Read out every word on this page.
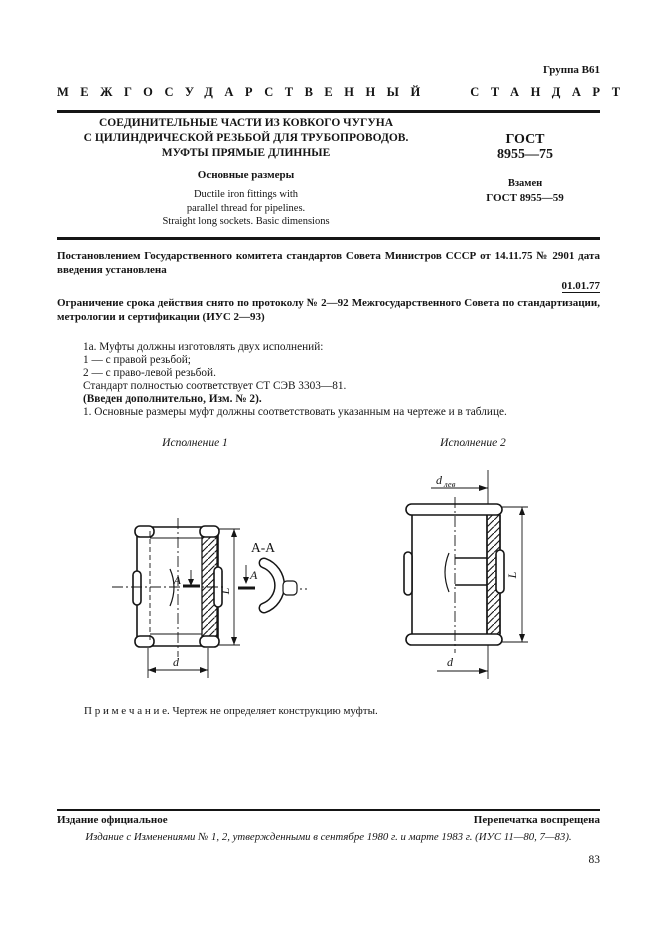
Группа В61
МЕЖГОСУДАРСТВЕННЫЙ СТАНДАРТ
СОЕДИНИТЕЛЬНЫЕ ЧАСТИ ИЗ КОВКОГО ЧУГУНА
С ЦИЛИНДРИЧЕСКОЙ РЕЗЬБОЙ ДЛЯ ТРУБОПРОВОДОВ.
МУФТЫ ПРЯМЫЕ ДЛИННЫЕ
Основные размеры
Ductile iron fittings with
parallel thread for pipelines.
Straight long sockets. Basic dimensions
ГОСТ
8955—75
Взамен
ГОСТ 8955—59
Постановлением Государственного комитета стандартов Совета Министров СССР от 14.11.75 № 2901 дата введения установлена
01.01.77
Ограничение срока действия снято по протоколу № 2—92 Межгосударственного Совета по стандартизации, метрологии и сертификации (ИУС 2—93)
1а. Муфты должны изготовлять двух исполнений:
1 — с правой резьбой;
2 — с право-левой резьбой.
Стандарт полностью соответствует СТ СЭВ 3303—81.
(Введен дополнительно, Изм. № 2).
1. Основные размеры муфт должны соответствовать указанным на чертеже и в таблице.
Исполнение 1	Исполнение 2
А	А
А-А
L
d
d лев
L
d
П р и м е ч а н и е. Чертеж не определяет конструкцию муфты.
Издание официальное	Перепечатка воспрещена
Издание с Изменениями № 1, 2, утвержденными в сентябре 1980 г. и марте 1983 г. (ИУС 11—80, 7—83).
83
